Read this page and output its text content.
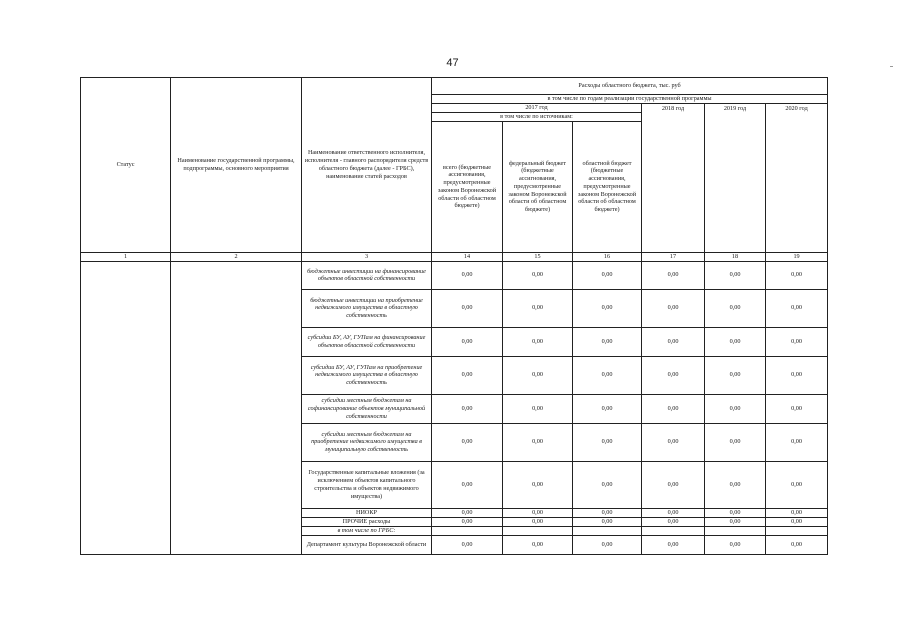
47
Статус	Наименование государственной программы, подпрограммы, основного мероприятия	Наименование ответственного исполнителя, исполнителя - главного распорядителя средств областного бюджета (далее - ГРБС), наименование статей расходов	Расходы областного бюджета, тыс. руб					
			в том числе по годам реализации государственной программы					
			2017 год			2018 год	2019 год	2020 год
			в том числе по источникам:					
			всего (бюджетные ассигнования, предусмотренные законом Воронежской области об областном бюджете)	федеральный бюджет (бюджетные ассигнования, предусмотренные законом Воронежской области об областном бюджете)	областной бюджет (бюджетные ассигнования, предусмотренные законом Воронежской области об областном бюджете)			
1	2	3	14	15	16	17	18	19
		бюджетные инвестиции на финансирование объектов областной собственности	0,00	0,00	0,00	0,00	0,00	0,00
		бюджетные инвестиции на приобретение недвижимого имущества в областную собственность	0,00	0,00	0,00	0,00	0,00	0,00
		субсидии БУ, АУ, ГУПам на финансирование объектов областной собственности	0,00	0,00	0,00	0,00	0,00	0,00
		субсидии БУ, АУ, ГУПам на приобретение недвижимого имущества в областную собственность	0,00	0,00	0,00	0,00	0,00	0,00
		субсидии местным бюджетам на софинансирование объектов муниципальной собственности	0,00	0,00	0,00	0,00	0,00	0,00
		субсидии местным бюджетам на приобретение недвижимого имущества в муниципальную собственность	0,00	0,00	0,00	0,00	0,00	0,00
		Государственные капитальные вложения (за исключением объектов капитального строительства и объектов недвижимого имущества)	0,00	0,00	0,00	0,00	0,00	0,00
		НИОКР	0,00	0,00	0,00	0,00	0,00	0,00
		ПРОЧИЕ расходы	0,00	0,00	0,00	0,00	0,00	0,00
		в том числе по ГРБС:						
		Департамент культуры Воронежской области	0,00	0,00	0,00	0,00	0,00	0,00
